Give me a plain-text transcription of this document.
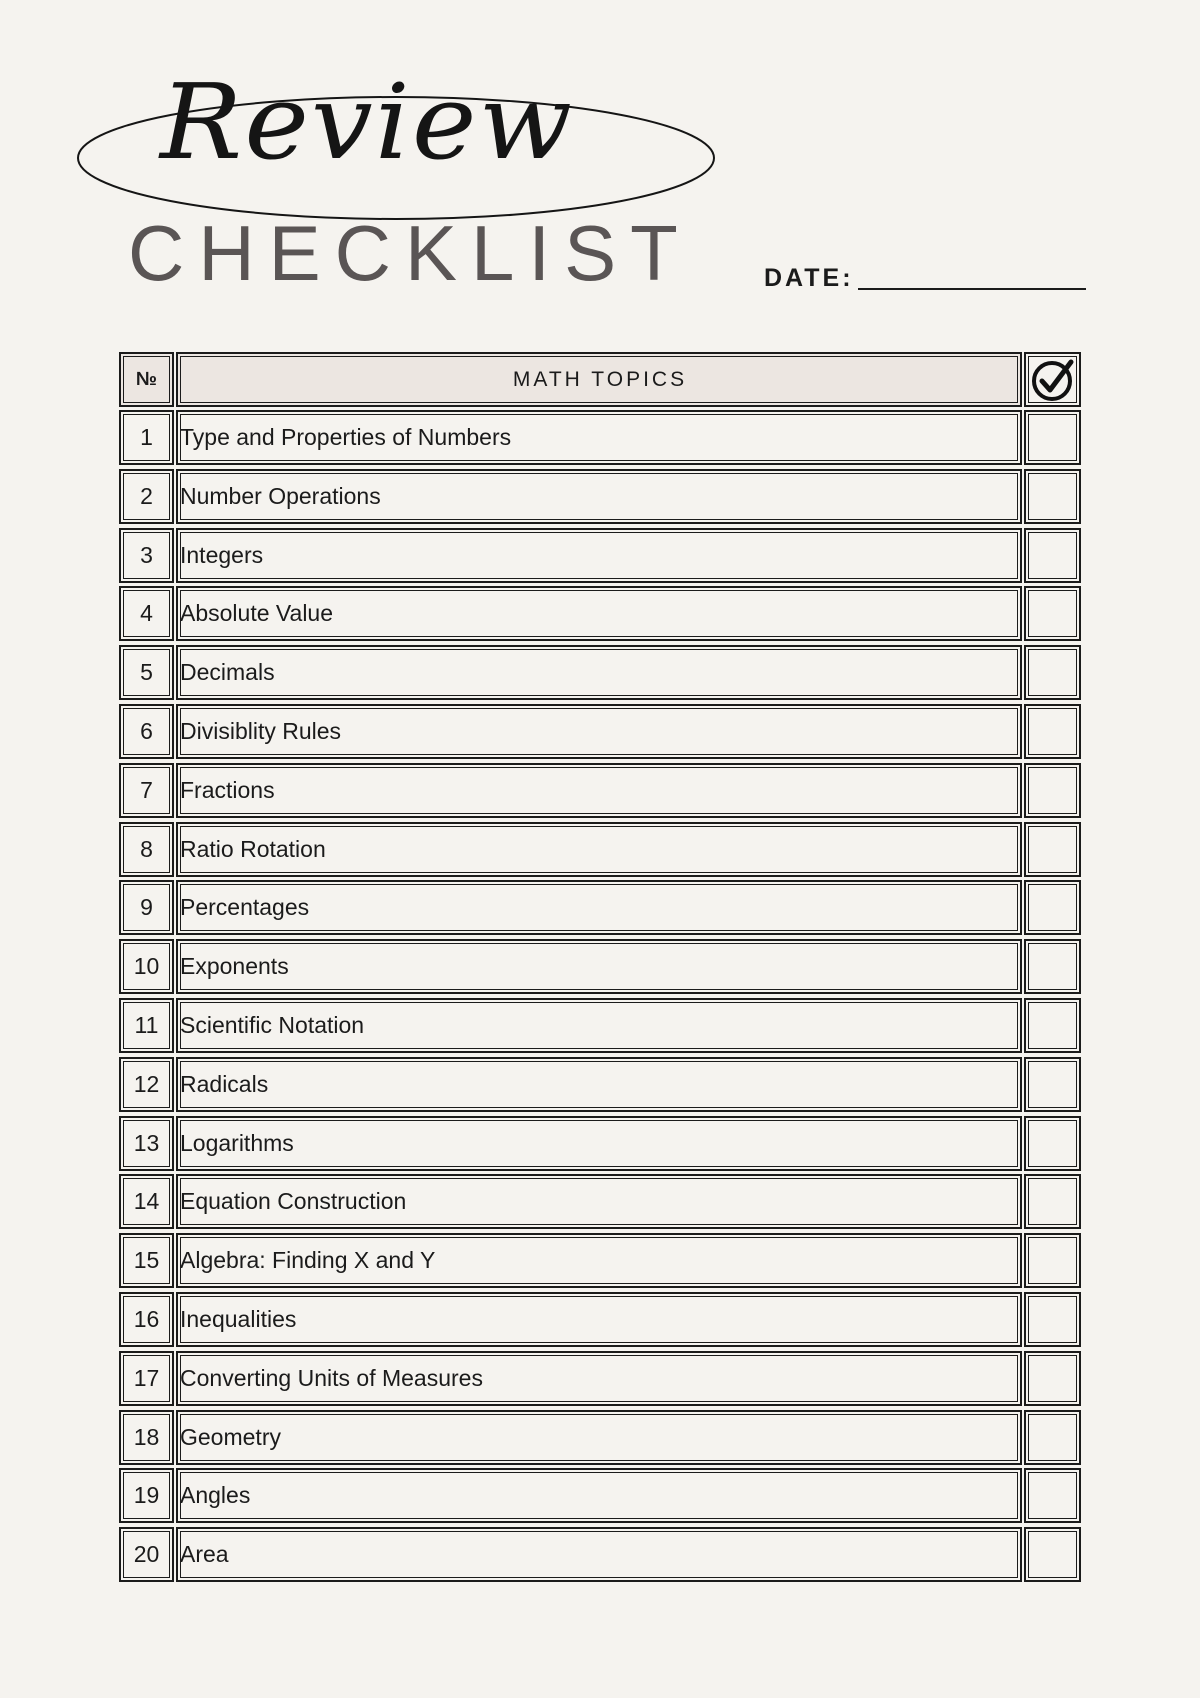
Review
CHECKLIST	DATE:
№	MATH TOPICS
1	Type and Properties of Numbers
2	Number Operations
3	Integers
4	Absolute Value
5	Decimals
6	Divisiblity Rules
7	Fractions
8	Ratio Rotation
9	Percentages
10 Exponents
11 Scientific Notation
12 Radicals
13 Logarithms
14 Equation Construction
15 Algebra: Finding X and Y
16 Inequalities
17 Converting Units of Measures
18 Geometry
19 Angles
20 Area
